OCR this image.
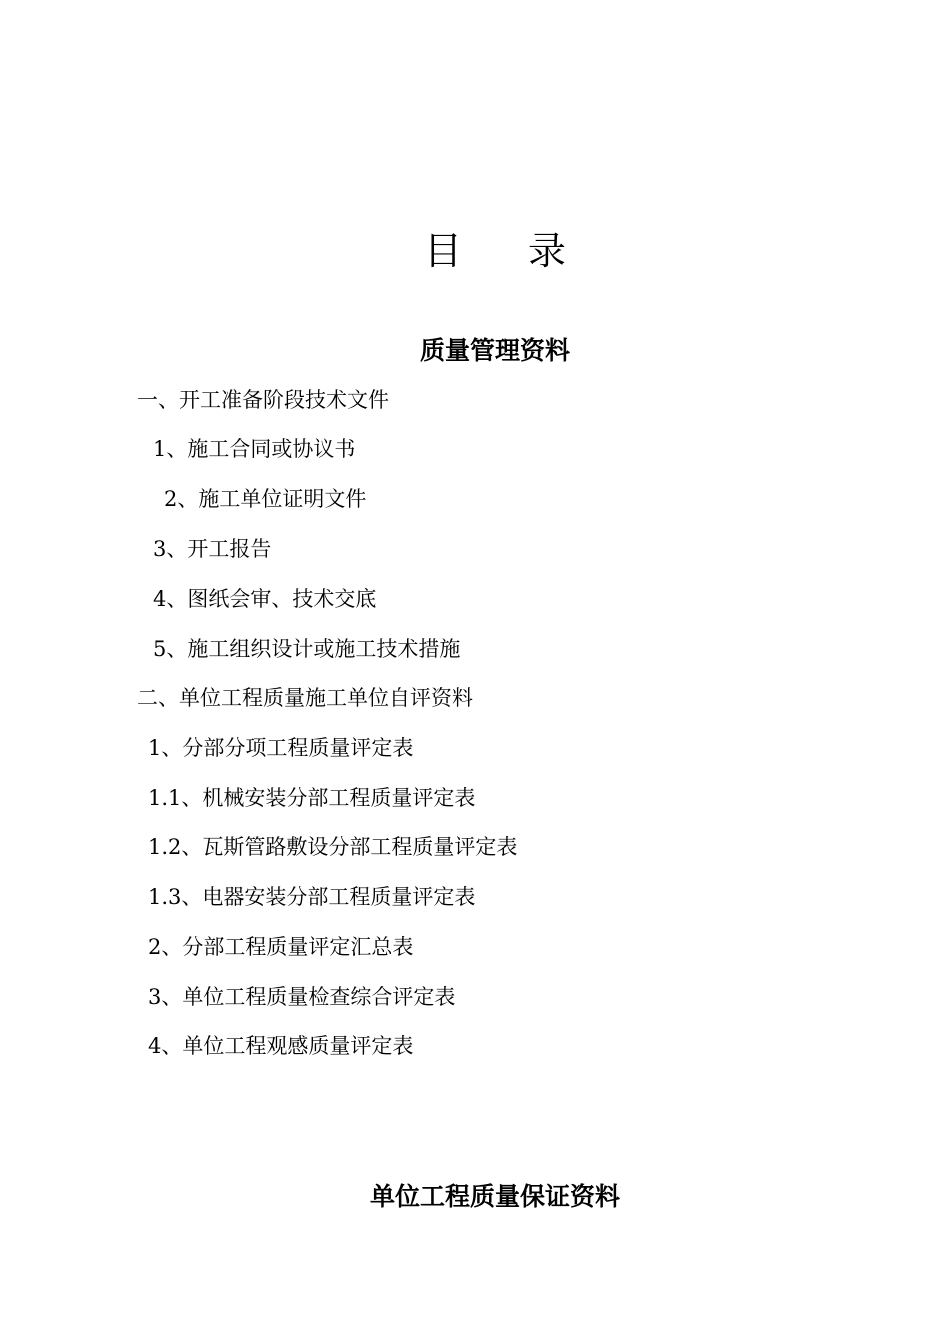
目 录
质量管理资料
一、开工准备阶段技术文件
1、施工合同或协议书
2、施工单位证明文件
3、开工报告
4、图纸会审、技术交底
5、施工组织设计或施工技术措施
二、单位工程质量施工单位自评资料
1、分部分项工程质量评定表
1.1、机械安装分部工程质量评定表
1.2、瓦斯管路敷设分部工程质量评定表
1.3、电器安装分部工程质量评定表
2、分部工程质量评定汇总表
3、单位工程质量检查综合评定表
4、单位工程观感质量评定表
单位工程质量保证资料
